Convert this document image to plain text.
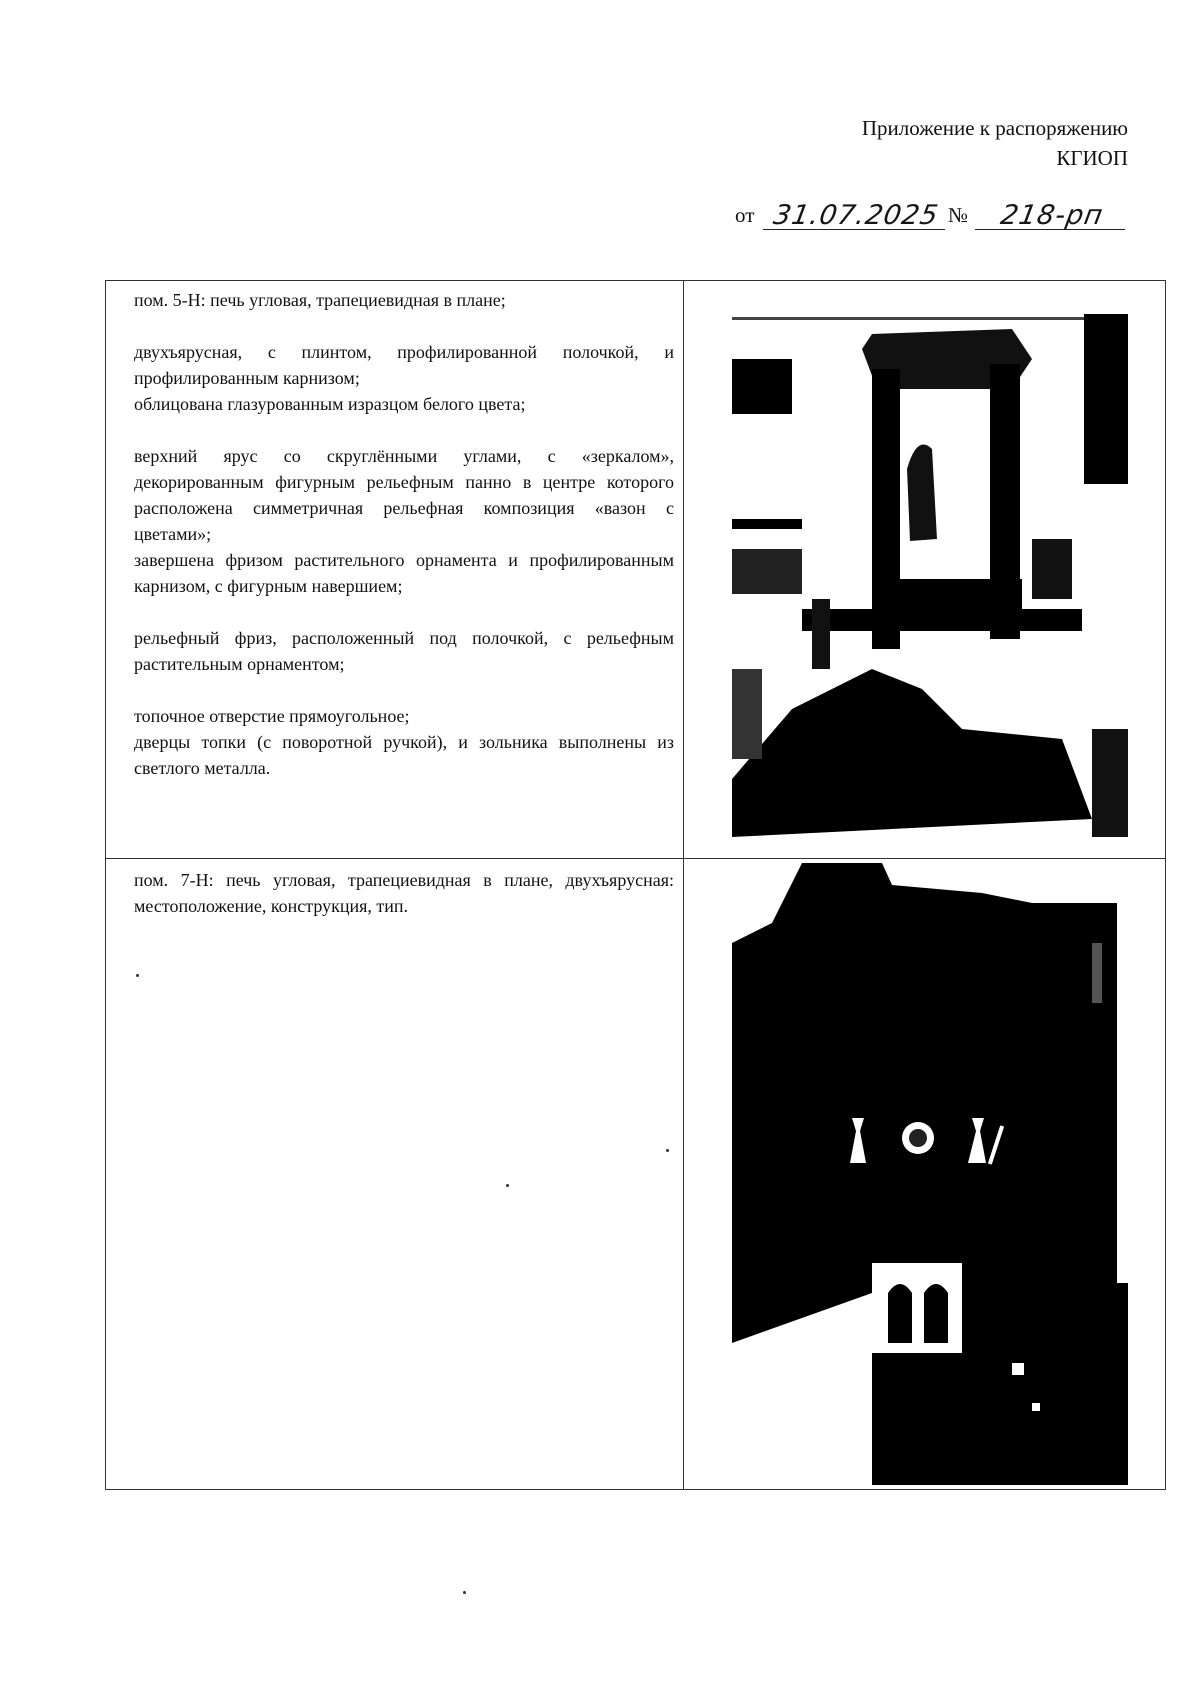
Приложение к распоряжению
КГИОП
от 31.07.2025 №	218-рп

пом. 5-Н: печь угловая, трапециевидная в плане;

двухъярусная, с плинтом, профилированной полочкой, и профилированным карнизом;

облицована глазурованным изразцом белого цвета;

верхний ярус со скруглёнными углами, с «зеркалом», декорированным фигурным рельефным панно в центре которого расположена симметричная рельефная композиция «вазон с цветами»;

завершена фризом растительного орнамента и профилированным карнизом, с фигурным навершием;

рельефный фриз, расположенный под полочкой, с рельефным растительным орнаментом;

топочное отверстие прямоугольное;

дверцы топки (с поворотной ручкой), и зольника выполнены из светлого металла.

пом. 7-Н: печь угловая, трапециевидная в плане, двухъярусная: местоположение, конструкция, тип.
